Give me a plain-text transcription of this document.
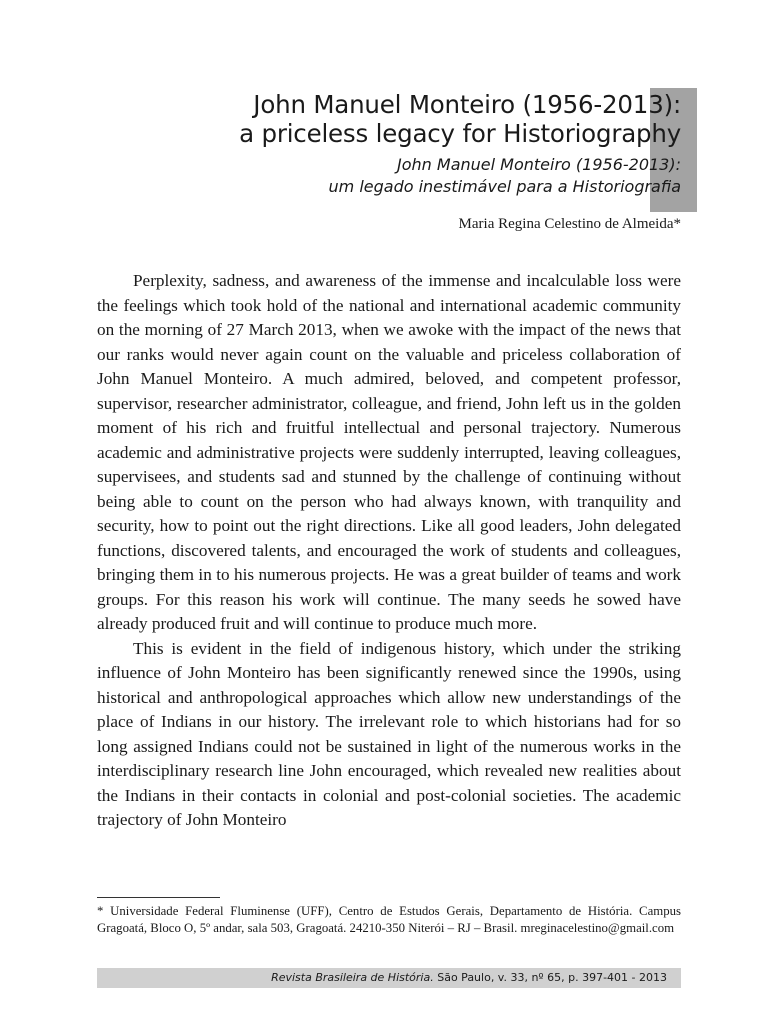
John Manuel Monteiro (1956-2013):
a priceless legacy for Historiography
John Manuel Monteiro (1956-2013):
um legado inestimável para a Historiografia
Maria Regina Celestino de Almeida*

Perplexity, sadness, and awareness of the immense and incalculable loss were the feelings which took hold of the national and international academic community on the morning of 27 March 2013, when we awoke with the impact of the news that our ranks would never again count on the valuable and priceless collaboration of John Manuel Monteiro. A much admired, beloved, and competent professor, supervisor, researcher administrator, colleague, and friend, John left us in the golden moment of his rich and fruitful intellectual and personal trajectory. Numerous academic and administrative projects were suddenly interrupted, leaving colleagues, supervisees, and students sad and stunned by the challenge of continuing without being able to count on the person who had always known, with tranquility and security, how to point out the right directions. Like all good leaders, John delegated functions, discovered talents, and encouraged the work of students and colleagues, bringing them in to his numerous projects. He was a great builder of teams and work groups. For this reason his work will continue. The many seeds he sowed have already produced fruit and will continue to produce much more.

This is evident in the field of indigenous history, which under the striking influence of John Monteiro has been significantly renewed since the 1990s, using historical and anthropological approaches which allow new understandings of the place of Indians in our history. The irrelevant role to which historians had for so long assigned Indians could not be sustained in light of the numerous works in the interdisciplinary research line John encouraged, which revealed new realities about the Indians in their contacts in colonial and post-colonial societies. The academic trajectory of John Monteiro

* Universidade Federal Fluminense (UFF), Centro de Estudos Gerais, Departamento de História. Campus Gragoatá, Bloco O, 5º andar, sala 503, Gragoatá. 24210-350 Niterói – RJ – Brasil. mreginacelestino@gmail.com
Revista Brasileira de História. São Paulo, v. 33, nº 65, p. 397-401 - 2013
